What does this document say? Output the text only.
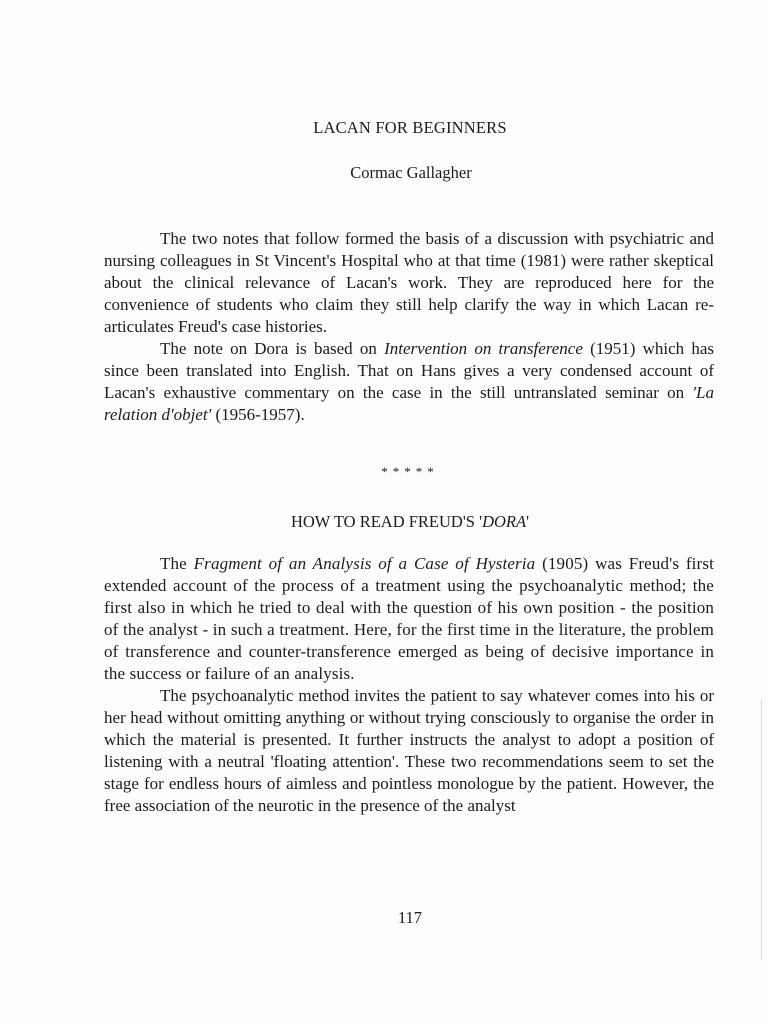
LACAN FOR BEGINNERS
Cormac Gallagher

The two notes that follow formed the basis of a discussion with psychiatric and nursing colleagues in St Vincent's Hospital who at that time (1981) were rather skeptical about the clinical relevance of Lacan's work. They are reproduced here for the convenience of students who claim they still help clarify the way in which Lacan re-articulates Freud's case histories.

The note on Dora is based on Intervention on transference (1951) which has since been translated into English. That on Hans gives a very condensed account of Lacan's exhaustive commentary on the case in the still untranslated seminar on 'La relation d'objet' (1956-1957).

*****
HOW TO READ FREUD'S 'DORA'

The Fragment of an Analysis of a Case of Hysteria (1905) was Freud's first extended account of the process of a treatment using the psychoanalytic method; the first also in which he tried to deal with the question of his own position - the position of the analyst - in such a treatment. Here, for the first time in the literature, the problem of transference and counter-transference emerged as being of decisive importance in the success or failure of an analysis.

The psychoanalytic method invites the patient to say whatever comes into his or her head without omitting anything or without trying consciously to organise the order in which the material is presented. It further instructs the analyst to adopt a position of listening with a neutral 'floating attention'. These two recommendations seem to set the stage for endless hours of aimless and pointless monologue by the patient. However, the free association of the neurotic in the presence of the analyst

117
